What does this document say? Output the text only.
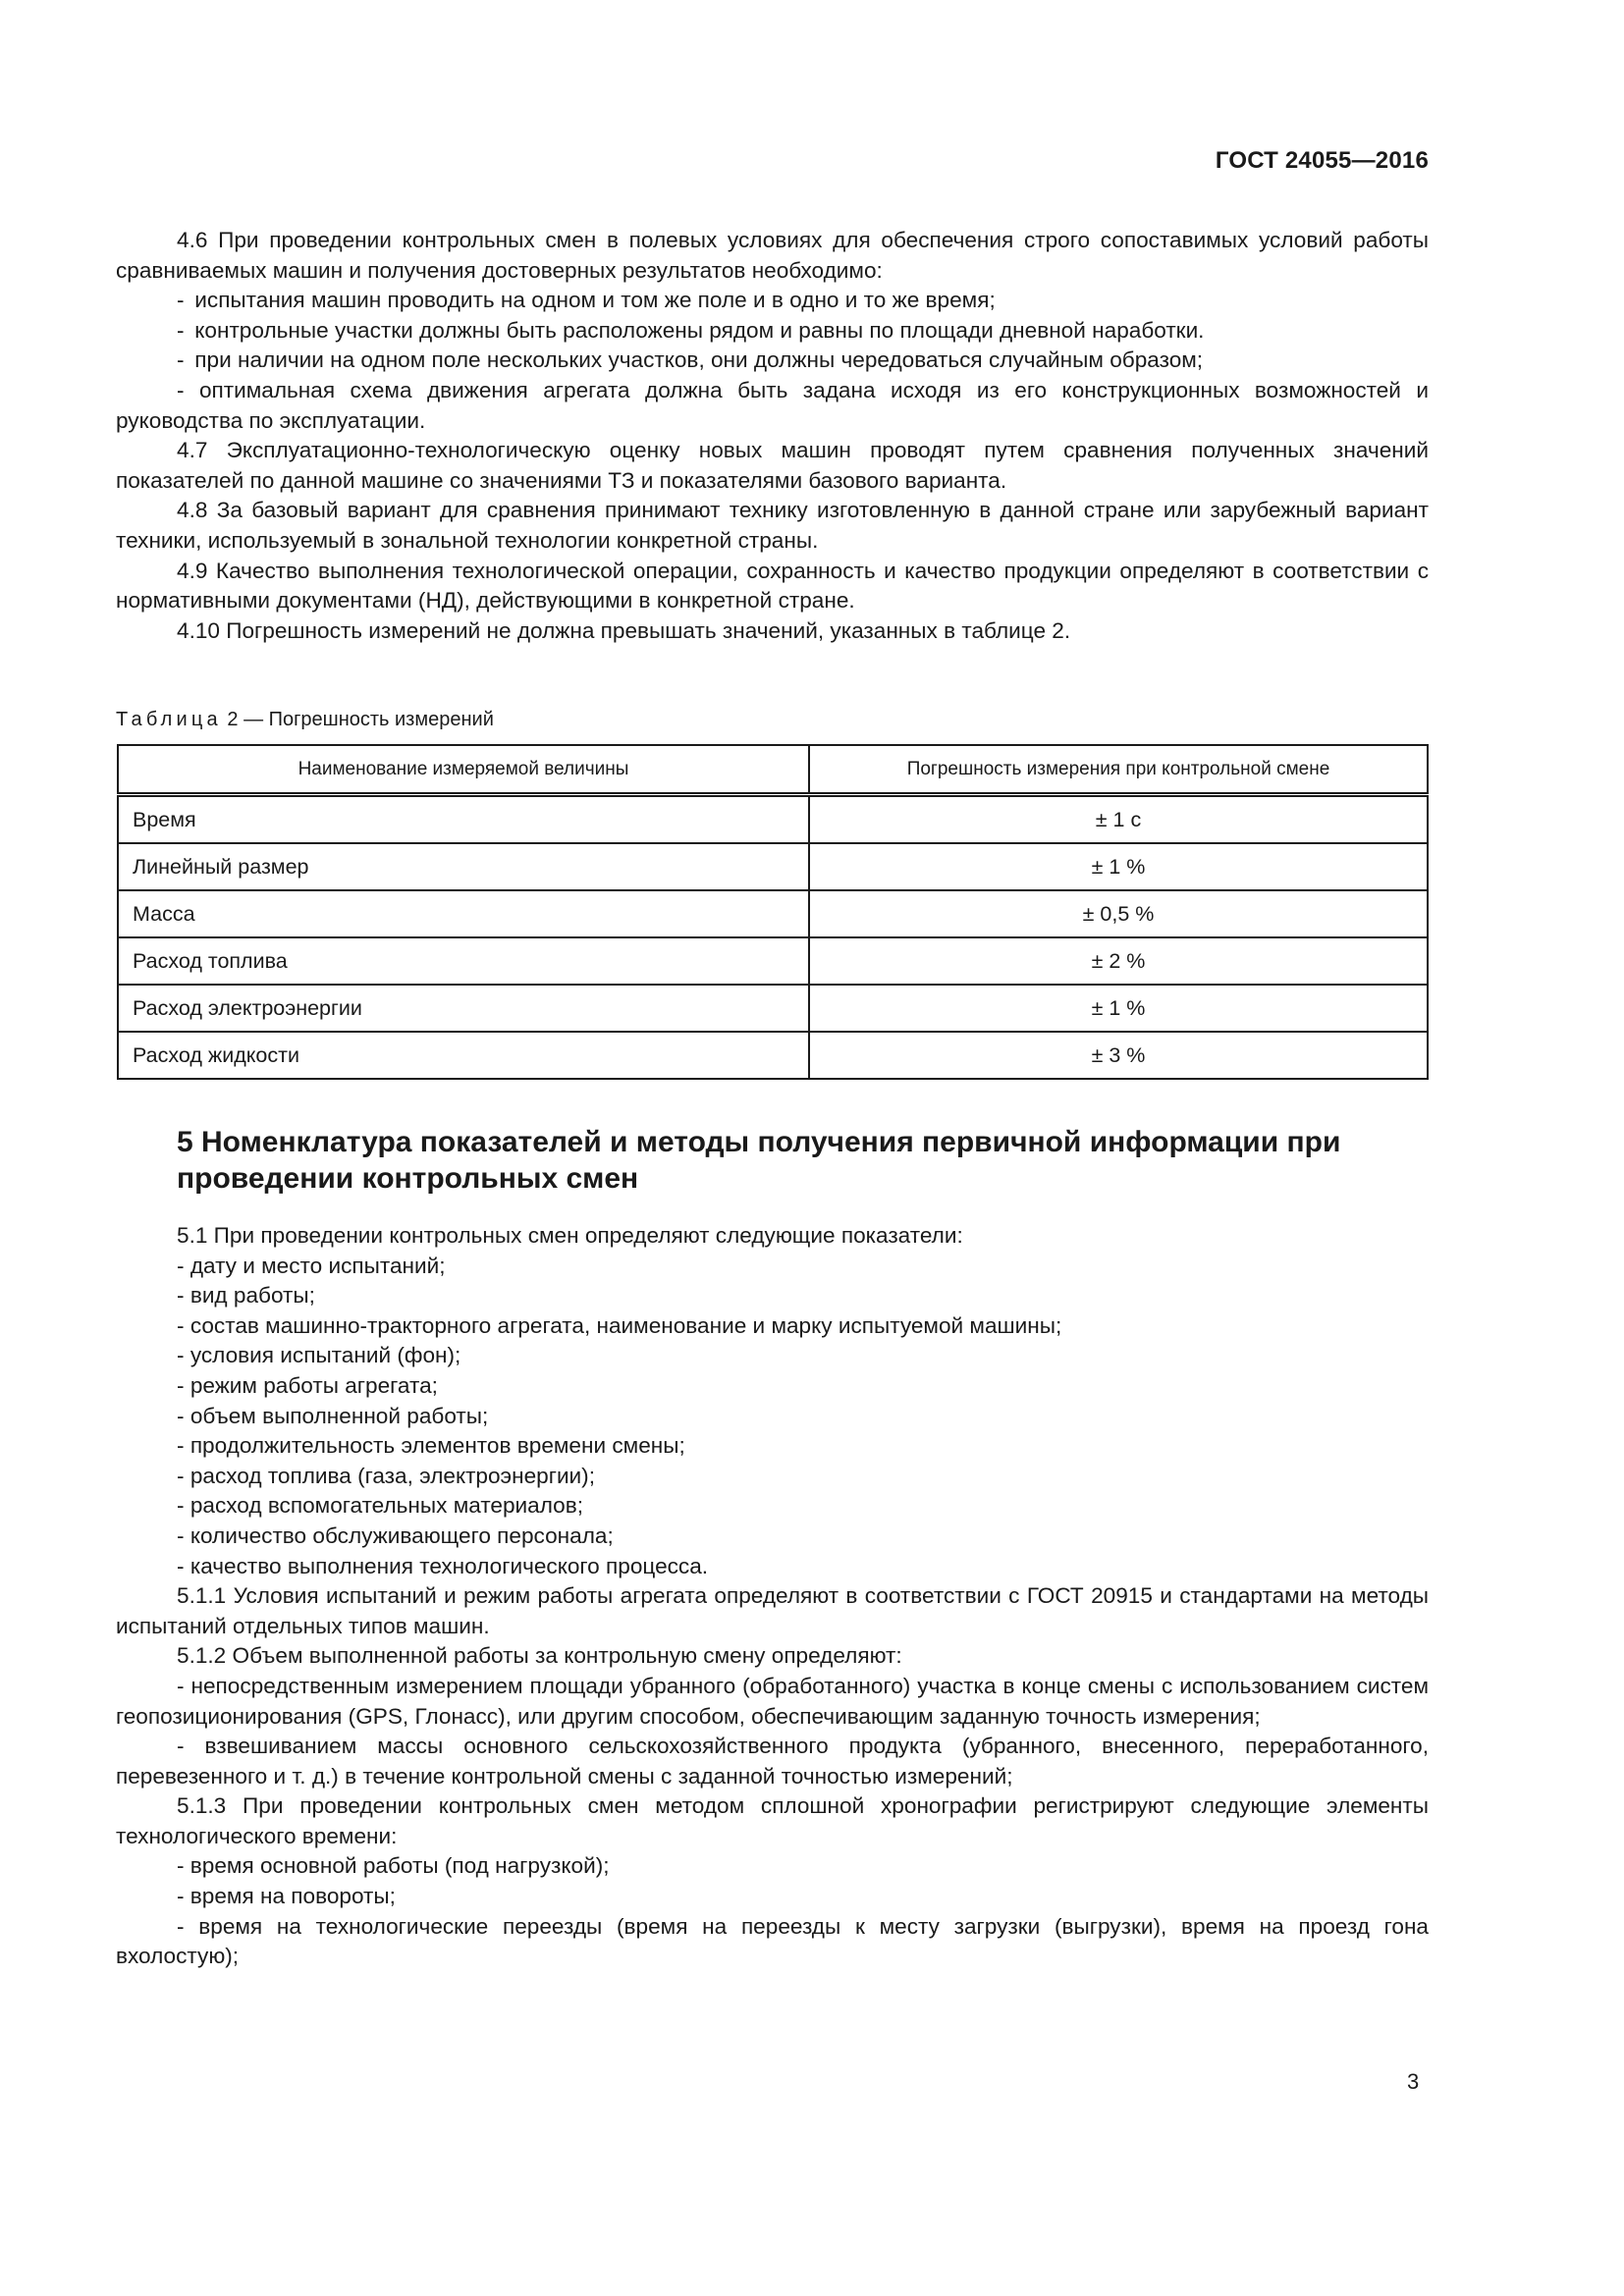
ГОСТ 24055—2016

4.6 При проведении контрольных смен в полевых условиях для обеспечения строго сопоставимых условий работы сравниваемых машин и получения достоверных результатов необходимо:

- испытания машин проводить на одном и том же поле и в одно и то же время;

- контрольные участки должны быть расположены рядом и равны по площади дневной наработки.

- при наличии на одном поле нескольких участков, они должны чередоваться случайным образом;

- оптимальная схема движения агрегата должна быть задана исходя из его конструкционных возможностей и руководства по эксплуатации.

4.7 Эксплуатационно-технологическую оценку новых машин проводят путем сравнения полученных значений показателей по данной машине со значениями ТЗ и показателями базового варианта.

4.8 За базовый вариант для сравнения принимают технику изготовленную в данной стране или зарубежный вариант техники, используемый в зональной технологии конкретной страны.

4.9 Качество выполнения технологической операции, сохранность и качество продукции определяют в соответствии с нормативными документами (НД), действующими в конкретной стране.

4.10 Погрешность измерений не должна превышать значений, указанных в таблице 2.

Таблица 2 — Погрешность измерений
Наименование измеряемой величины	Погрешность измерения при контрольной смене
Время	± 1 с
Линейный размер	± 1 %
Масса	± 0,5 %
Расход топлива	± 2 %
Расход электроэнергии	± 1 %
Расход жидкости	± 3 %
5 Номенклатура показателей и методы получения первичной информации при проведении контрольных смен

5.1 При проведении контрольных смен определяют следующие показатели:

- дату и место испытаний;

- вид работы;

- состав машинно-тракторного агрегата, наименование и марку испытуемой машины;

- условия испытаний (фон);

- режим работы агрегата;

- объем выполненной работы;

- продолжительность элементов времени смены;

- расход топлива (газа, электроэнергии);

- расход вспомогательных материалов;

- количество обслуживающего персонала;

- качество выполнения технологического процесса.

5.1.1 Условия испытаний и режим работы агрегата определяют в соответствии с ГОСТ 20915 и стандартами на методы испытаний отдельных типов машин.

5.1.2 Объем выполненной работы за контрольную смену определяют:

- непосредственным измерением площади убранного (обработанного) участка в конце смены с использованием систем геопозиционирования (GPS, Глонасс), или другим способом, обеспечивающим заданную точность измерения;

- взвешиванием массы основного сельскохозяйственного продукта (убранного, внесенного, переработанного, перевезенного и т. д.) в течение контрольной смены с заданной точностью измерений;

5.1.3 При проведении контрольных смен методом сплошной хронографии регистрируют следующие элементы технологического времени:

- время основной работы (под нагрузкой);

- время на повороты;

- время на технологические переезды (время на переезды к месту загрузки (выгрузки), время на проезд гона вхолостую);

3
